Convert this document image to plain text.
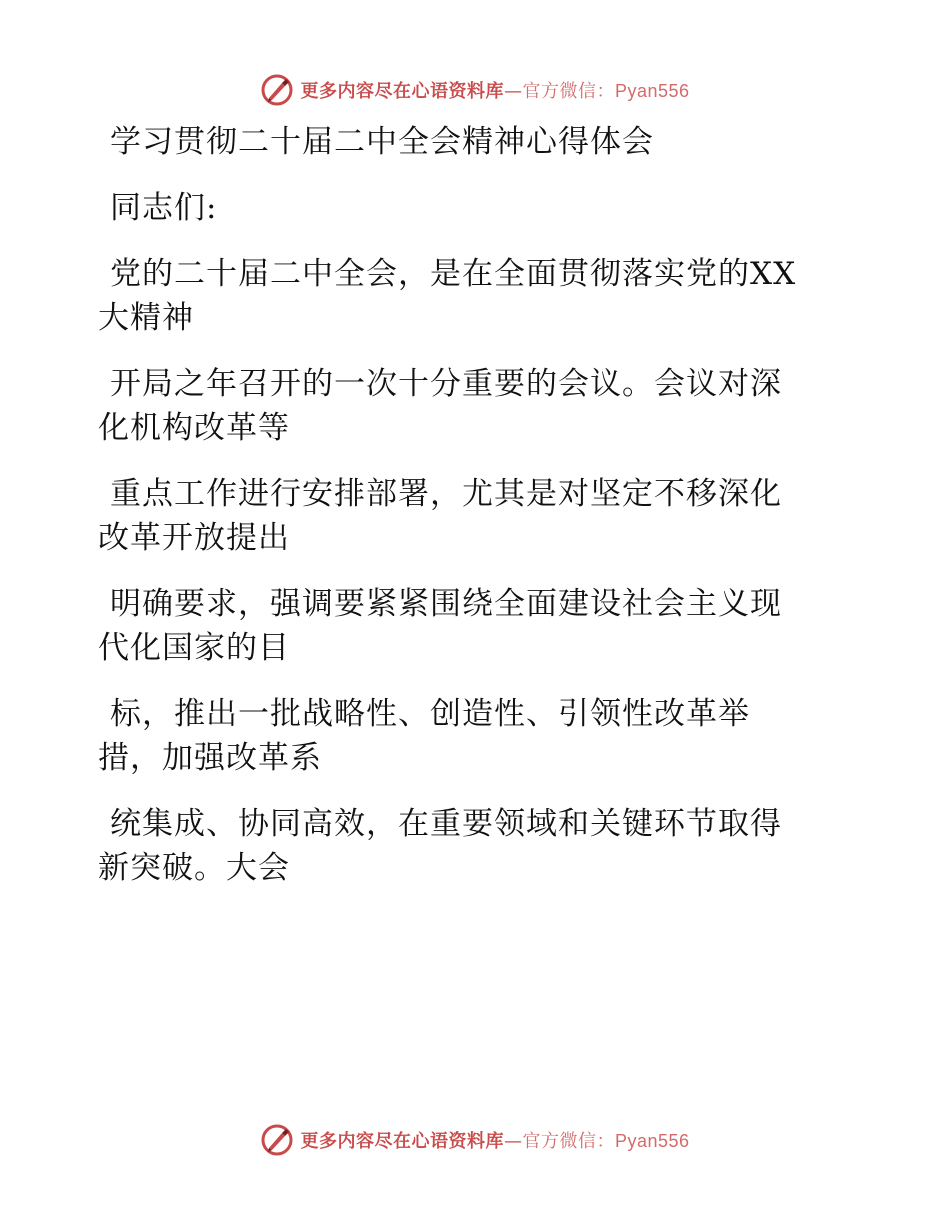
更多内容尽在心语资料库—官方微信：Pyan556

学习贯彻二十届二中全会精神心得体会

同志们:

党的二十届二中全会，是在全面贯彻落实党的XX

大精神

开局之年召开的一次十分重要的会议。会议对深

化机构改革等

重点工作进行安排部署，尤其是对坚定不移深化

改革开放提出

明确要求，强调要紧紧围绕全面建设社会主义现

代化国家的目

标，推出一批战略性、创造性、引领性改革举

措，加强改革系

统集成、协同高效，在重要领域和关键环节取得

新突破。大会

更多内容尽在心语资料库—官方微信：Pyan556
